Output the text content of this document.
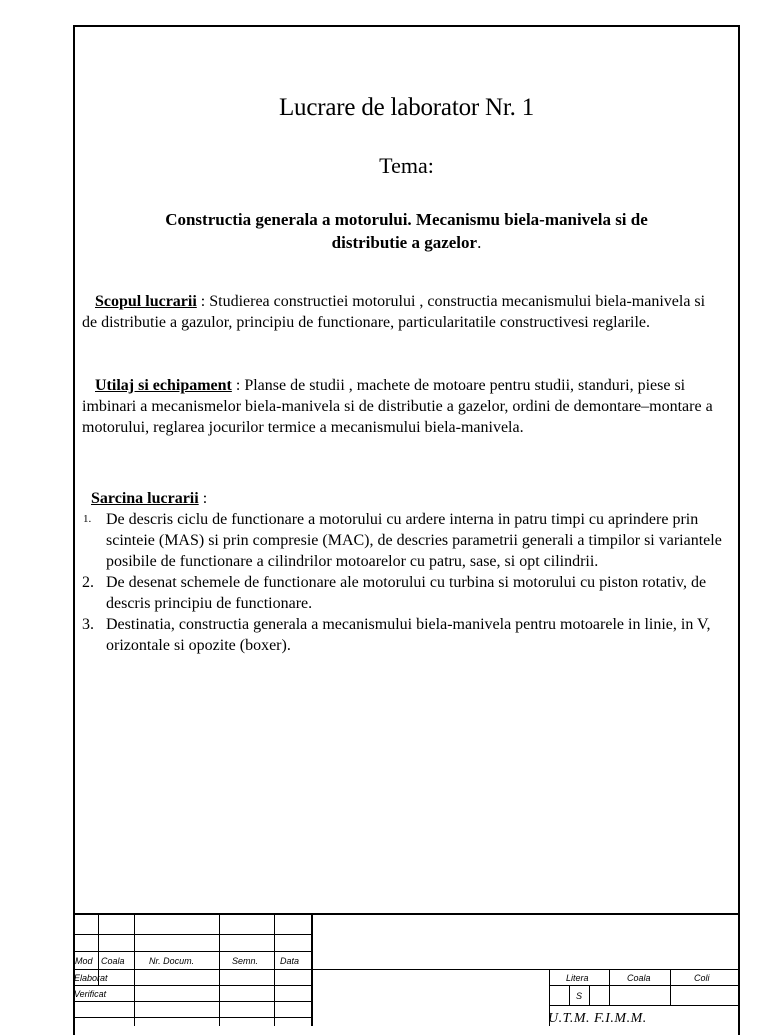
Lucrare de laborator Nr. 1
Tema:
Constructia generala a motorului. Mecanismu biela-manivela si de
distributie a gazelor.
Scopul lucrarii : Studierea constructiei motorului , constructia mecanismului biela-manivela si de distributie a gazulor, principiu de functionare, particularitatile constructivesi reglarile.
Utilaj si echipament : Planse de studii , machete de motoare pentru studii, standuri, piese si imbinari a mecanismelor biela-manivela si de distributie a gazelor, ordini de demontare–montare a motorului, reglarea jocurilor termice a mecanismului biela-manivela.
Sarcina lucrarii :
1. De descris ciclu de functionare a motorului cu ardere interna in patru timpi cu aprindere prin scinteie (MAS) si prin compresie (MAC), de descries parametrii generali a timpilor si variantele posibile de functionare a cilindrilor motoarelor cu patru, sase, si opt cilindrii.
2. De desenat schemele de functionare ale motorului cu turbina si motorului cu piston rotativ, de descris principiu de functionare.
3. Destinatia, constructia generala a mecanismului biela-manivela pentru motoarele in linie, in V, orizontale si opozite (boxer).
Mod Coala	Nr. Docum.	Semn. Data
Elaborat
Verificat
Litera	Coala	Coli
S
U.T.M. F.I.M.M.
